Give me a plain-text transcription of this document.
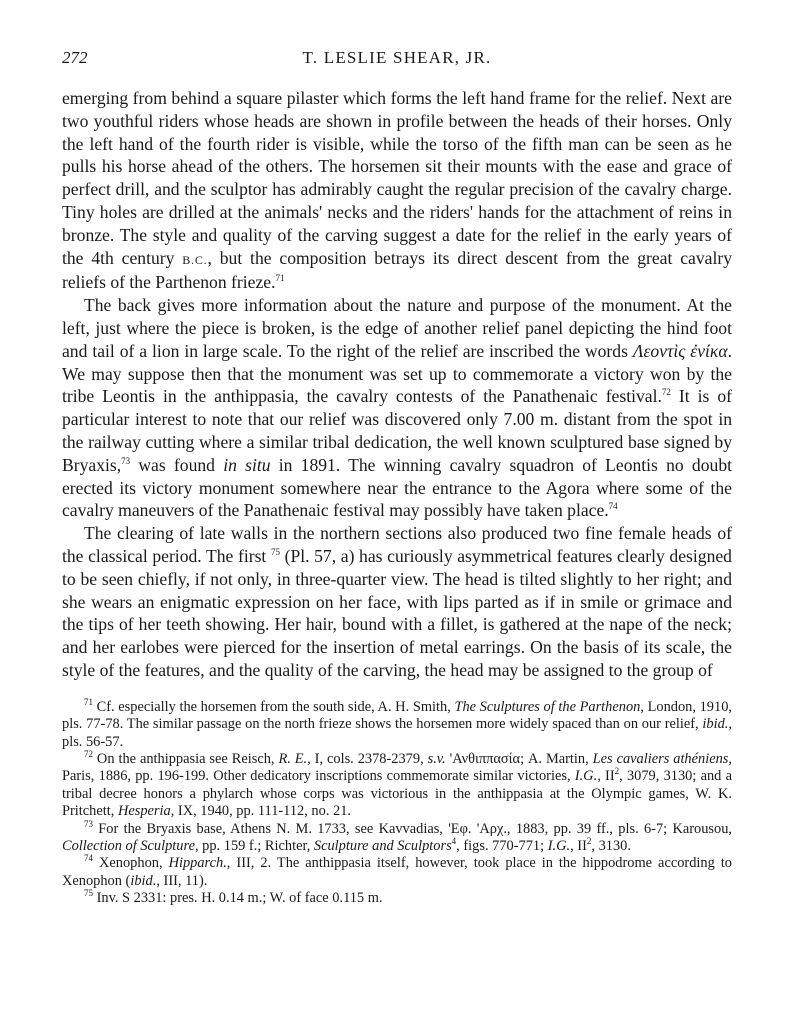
272	T. LESLIE SHEAR, JR.

emerging from behind a square pilaster which forms the left hand frame for the relief. Next are two youthful riders whose heads are shown in profile between the heads of their horses. Only the left hand of the fourth rider is visible, while the torso of the fifth man can be seen as he pulls his horse ahead of the others. The horsemen sit their mounts with the ease and grace of perfect drill, and the sculptor has admirably caught the regular precision of the cavalry charge. Tiny holes are drilled at the animals' necks and the riders' hands for the attachment of reins in bronze. The style and quality of the carving suggest a date for the relief in the early years of the 4th century B.C., but the composition betrays its direct descent from the great cavalry reliefs of the Parthenon frieze.$^{71}$

The back gives more information about the nature and purpose of the monument. At the left, just where the piece is broken, is the edge of another relief panel depicting the hind foot and tail of a lion in large scale. To the right of the relief are inscribed the words Λεοντὶς ἐνίκα. We may suppose then that the monument was set up to commemorate a victory won by the tribe Leontis in the anthippasia, the cavalry contests of the Panathenaic festival.$^{72}$ It is of particular interest to note that our relief was discovered only 7.00 m. distant from the spot in the railway cutting where a similar tribal dedication, the well known sculptured base signed by Bryaxis,$^{73}$ was found in situ in 1891. The winning cavalry squadron of Leontis no doubt erected its victory monument somewhere near the entrance to the Agora where some of the cavalry maneuvers of the Panathenaic festival may possibly have taken place.$^{74}$

The clearing of late walls in the northern sections also produced two fine female heads of the classical period. The first $^{75}$ (Pl. 57, a) has curiously asymmetrical features clearly designed to be seen chiefly, if not only, in three-quarter view. The head is tilted slightly to her right; and she wears an enigmatic expression on her face, with lips parted as if in smile or grimace and the tips of her teeth showing. Her hair, bound with a fillet, is gathered at the nape of the neck; and her earlobes were pierced for the insertion of metal earrings. On the basis of its scale, the style of the features, and the quality of the carving, the head may be assigned to the group of

$^{71}$ Cf. especially the horsemen from the south side, A. H. Smith, The Sculptures of the Parthenon, London, 1910, pls. 77-78. The similar passage on the north frieze shows the horsemen more widely spaced than on our relief, ibid., pls. 56-57.

$^{72}$ On the anthippasia see Reisch, R. E., I, cols. 2378-2379, s.v. 'Ανθιππασία; A. Martin, Les cavaliers athéniens, Paris, 1886, pp. 196-199. Other dedicatory inscriptions commemorate similar victories, I.G., $II^2$, 3079, 3130; and a tribal decree honors a phylarch whose corps was victorious in the anthippasia at the Olympic games, W. K. Pritchett, Hesperia, IX, 1940, pp. 111-112, no. 21.

$^{73}$ For the Bryaxis base, Athens N. M. 1733, see Kavvadias, 'Εφ. 'Αρχ., 1883, pp. 39 ff., pls. 6-7; Karousou, Collection of Sculpture, pp. 159 f.; Richter, Sculpture and Sculptors$^4$, figs. 770-771; I.G., $II^2$, 3130.

$^{74}$ Xenophon, Hipparch., III, 2. The anthippasia itself, however, took place in the hippodrome according to Xenophon (ibid., III, 11).

$^{75}$ Inv. S 2331: pres. H. 0.14 m.; W. of face 0.115 m.
